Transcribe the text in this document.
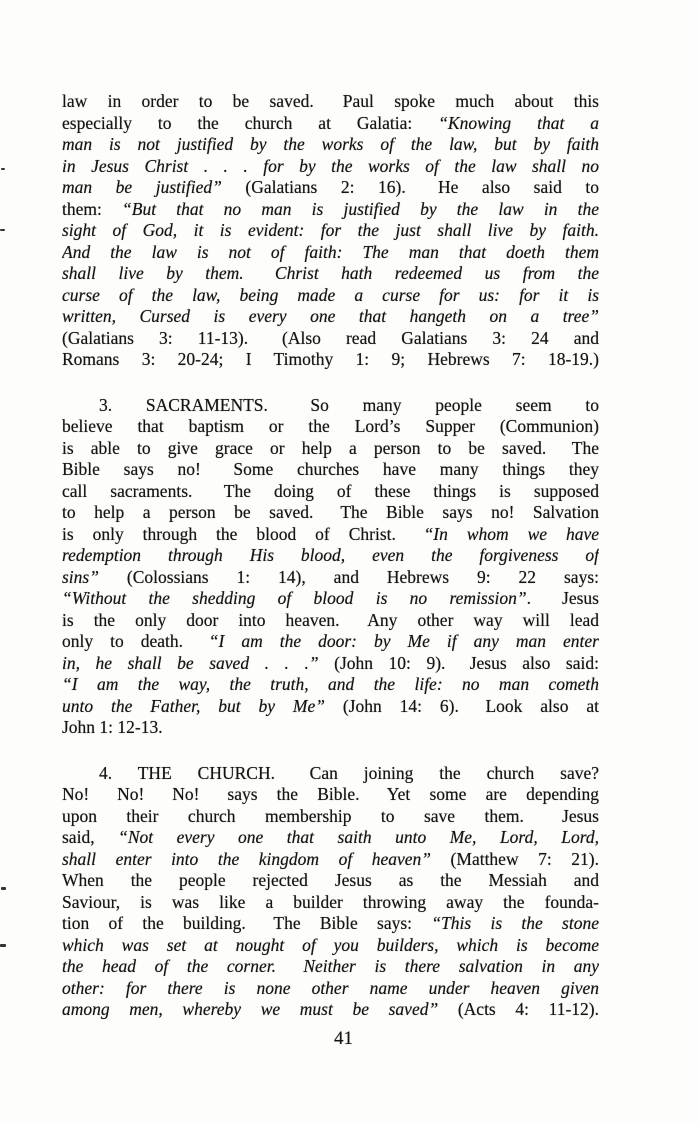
law in order to be saved.  Paul spoke much about this
especially to the church at Galatia: “Knowing that a
man is not justified by the works of the law, but by faith
in Jesus Christ . . . for by the works of the law shall no
man be justified” (Galatians 2: 16).  He also said to
them: “But that no man is justified by the law in the
sight of God, it is evident: for the just shall live by faith.
And the law is not of faith: The man that doeth them
shall live by them.  Christ hath redeemed us from the
curse of the law, being made a curse for us: for it is
written, Cursed is every one that hangeth on a tree”
(Galatians 3: 11-13).  (Also read Galatians 3: 24 and
Romans 3: 20-24; I Timothy 1: 9; Hebrews 7: 18-19.)
3. SACRAMENTS.  So many people seem to
believe that baptism or the Lord’s Supper (Communion)
is able to give grace or help a person to be saved.  The
Bible says no!  Some churches have many things they
call sacraments.  The doing of these things is supposed
to help a person be saved.  The Bible says no! Salvation
is only through the blood of Christ.  “In whom we have
redemption through His blood, even the forgiveness of
sins” (Colossians 1: 14), and Hebrews 9: 22 says:
“Without the shedding of blood is no remission”.  Jesus
is the only door into heaven.  Any other way will lead
only to death.  “I am the door: by Me if any man enter
in, he shall be saved . . .” (John 10: 9).  Jesus also said:
“I am the way, the truth, and the life: no man cometh
unto the Father, but by Me” (John 14: 6).  Look also at
John 1: 12-13.
4. THE CHURCH.  Can joining the church save?
No!  No!  No!  says the Bible.  Yet some are depending
upon their church membership to save them.  Jesus
said, “Not every one that saith unto Me, Lord, Lord,
shall enter into the kingdom of heaven” (Matthew 7: 21).
When the people rejected Jesus as the Messiah and
Saviour, is was like a builder throwing away the founda-
tion of the building.  The Bible says: “This is the stone
which was set at nought of you builders, which is become
the head of the corner.  Neither is there salvation in any
other: for there is none other name under heaven given
among men, whereby we must be saved” (Acts 4: 11-12).
41
